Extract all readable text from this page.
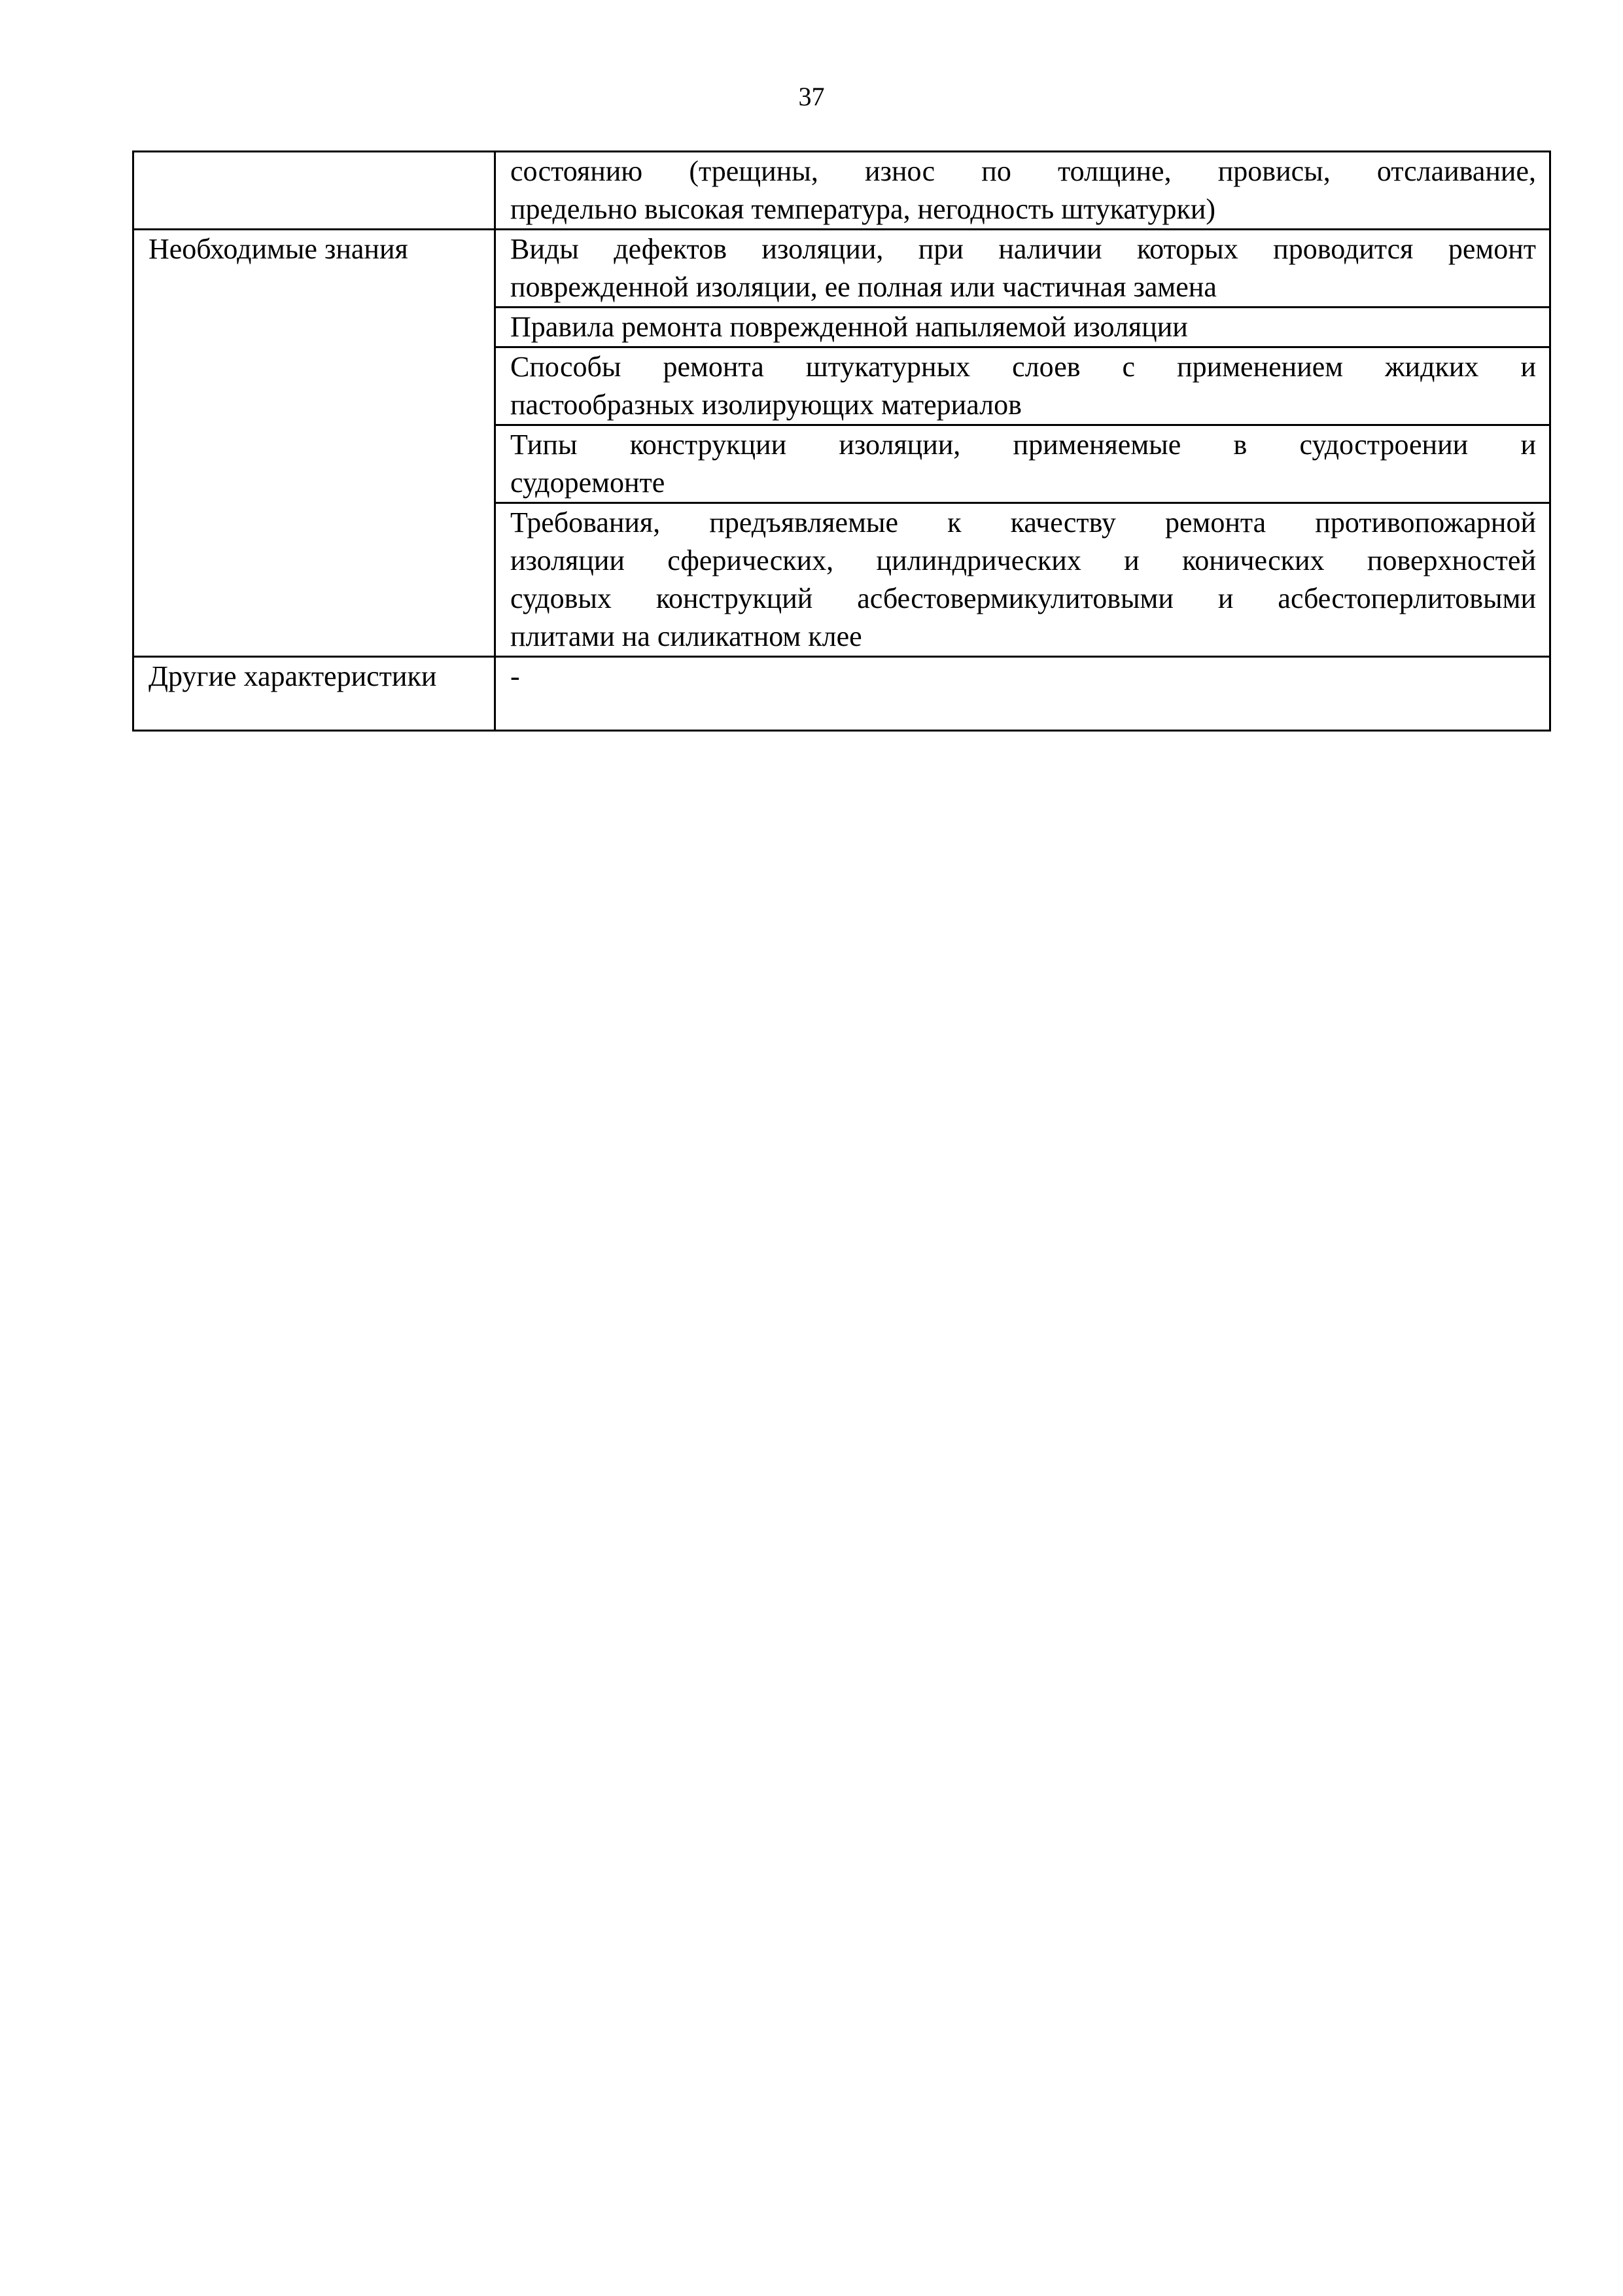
37

	состоянию (трещины, износ по толщине, провисы, отслаивание,
предельно высокая температура, негодность штукатурки)

Необходимые знания	Виды дефектов изоляции, при наличии которых проводится ремонт
поврежденной изоляции, ее полная или частичная замена

	Правила ремонта поврежденной напыляемой изоляции

	Способы ремонта штукатурных слоев с применением жидких и
пастообразных изолирующих материалов

	Типы конструкции изоляции, применяемые в судостроении и
судоремонте

	Требования, предъявляемые к качеству ремонта противопожарной
изоляции сферических, цилиндрических и конических поверхностей
судовых конструкций асбестовермикулитовыми и асбестоперлитовыми
плитами на силикатном клее

Другие характеристики	-
